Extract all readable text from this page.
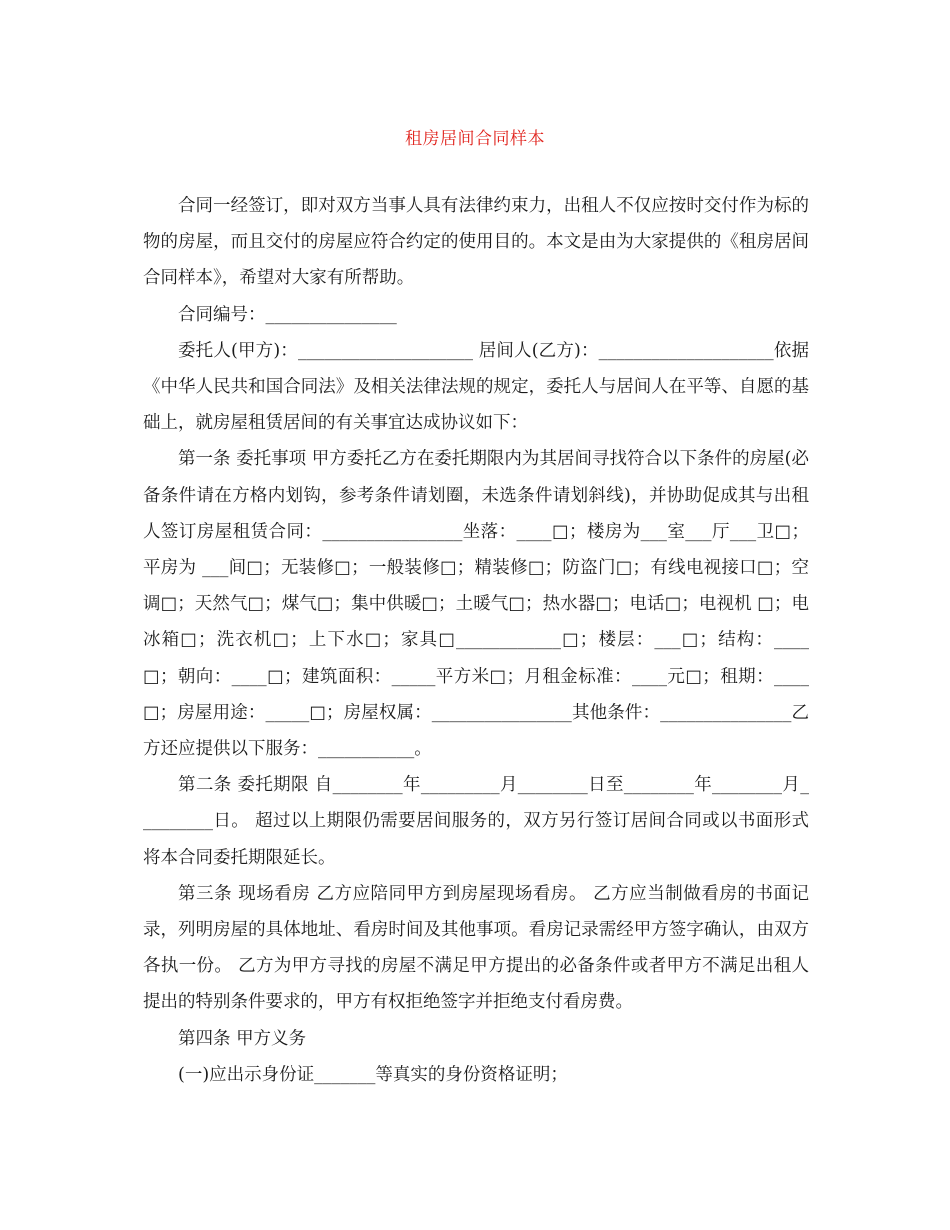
租房居间合同样本

合同一经签订，即对双方当事人具有法律约束力，出租人不仅应按时交付作为标的物的房屋，而且交付的房屋应符合约定的使用目的。本文是由为大家提供的《租房居间合同样本》，希望对大家有所帮助。

合同编号：_______________

委托人(甲方)：____________________ 居间人(乙方)：____________________依据《中华人民共和国合同法》及相关法律法规的规定，委托人与居间人在平等、自愿的基础上，就房屋租赁居间的有关事宜达成协议如下：

第一条 委托事项 甲方委托乙方在委托期限内为其居间寻找符合以下条件的房屋(必备条件请在方格内划钩，参考条件请划圈，未选条件请划斜线)，并协助促成其与出租人签订房屋租赁合同：________________坐落：____□；楼房为___室___厅___卫□；平房为 ___间□；无装修□；一般装修□；精装修□；防盗门□；有线电视接口□；空调□；天然气□；煤气□；集中供暖□；土暖气□；热水器□；电话□；电视机 □；电冰箱□；洗衣机□；上下水□；家具□____________□；楼层：___□；结构：____□；朝向：____□；建筑面积：_____平方米□；月租金标准：____元□；租期：____□；房屋用途：_____□；房屋权属：________________其他条件：_______________乙方还应提供以下服务：___________。

第二条 委托期限 自________年_________月________日至________年________月_________日。 超过以上期限仍需要居间服务的，双方另行签订居间合同或以书面形式将本合同委托期限延长。

第三条 现场看房 乙方应陪同甲方到房屋现场看房。 乙方应当制做看房的书面记录，列明房屋的具体地址、看房时间及其他事项。看房记录需经甲方签字确认，由双方各执一份。 乙方为甲方寻找的房屋不满足甲方提出的必备条件或者甲方不满足出租人提出的特别条件要求的，甲方有权拒绝签字并拒绝支付看房费。

第四条 甲方义务

(一)应出示身份证_______等真实的身份资格证明；
